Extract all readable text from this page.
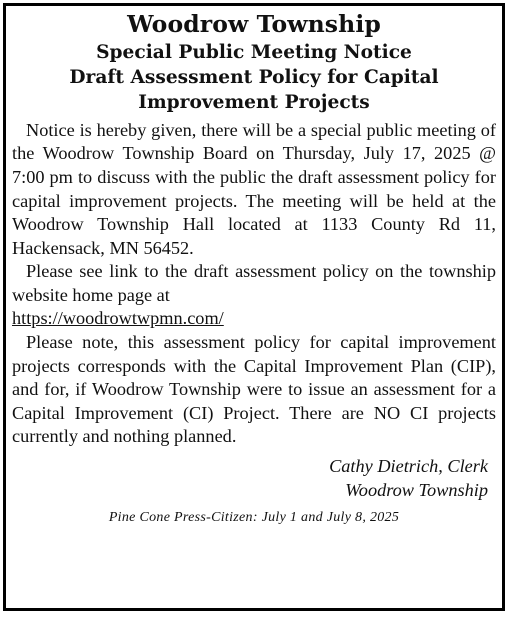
Woodrow Township
Special Public Meeting Notice
Draft Assessment Policy for Capital
Improvement Projects

Notice is hereby given, there will be a special public meeting of the Woodrow Township Board on Thursday, July 17, 2025 @ 7:00 pm to discuss with the public the draft assessment policy for capital improvement projects. The meeting will be held at the Woodrow Township Hall located at 1133 County Rd 11, Hackensack, MN 56452.

Please see link to the draft assessment policy on the township website home page at
https://woodrowtwpmn.com/

Please note, this assessment policy for capital improvement projects corresponds with the Capital Improvement Plan (CIP), and for, if Woodrow Township were to issue an assessment for a Capital Improvement (CI) Project. There are NO CI projects currently and nothing planned.

Cathy Dietrich, Clerk
Woodrow Township
Pine Cone Press-Citizen: July 1 and July 8, 2025
